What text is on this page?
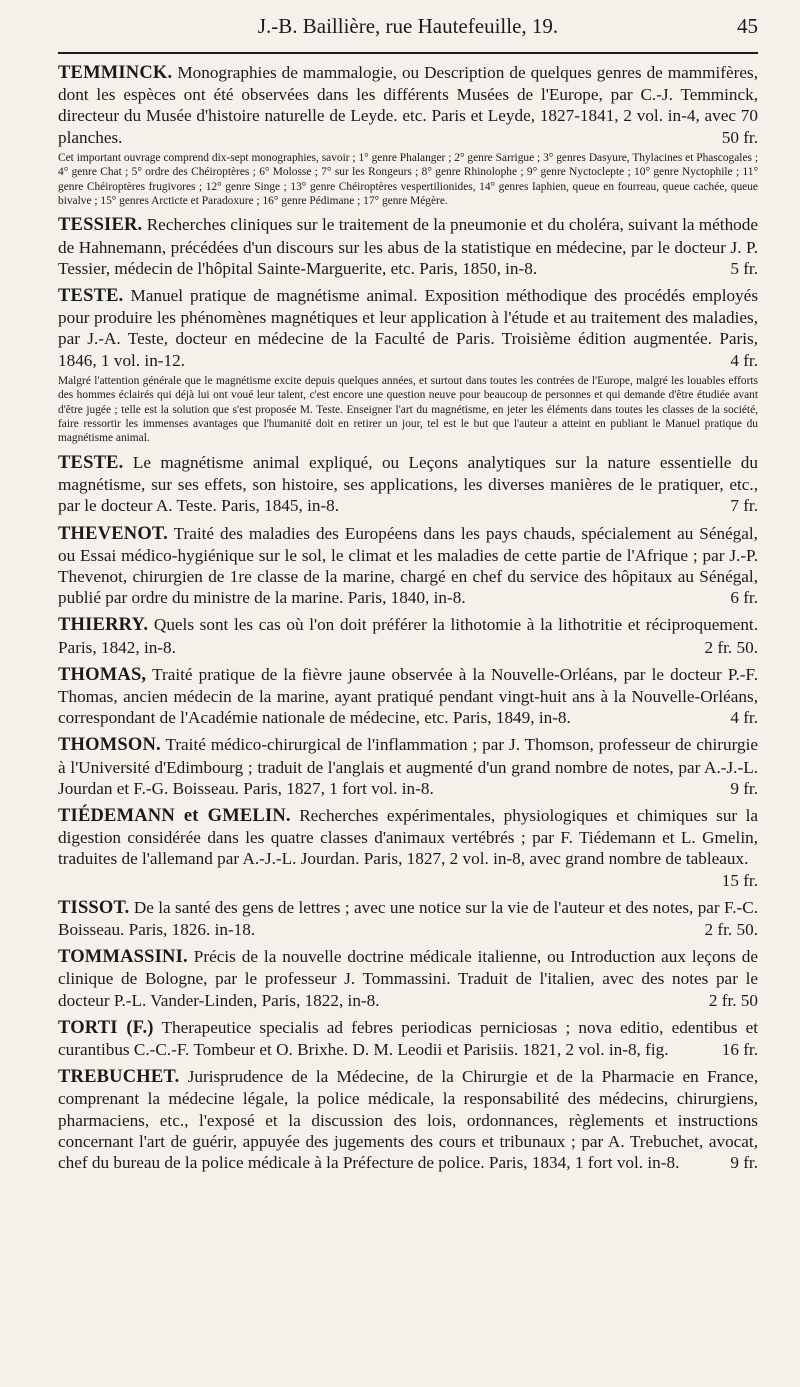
J.-B. Baillière, rue Hautefeuille, 19.	45
TEMMINCK. Monographies de mammalogie, ou Description de quelques genres de mammifères, dont les espèces ont été observées dans les différents Musées de l'Europe, par C.-J. Temminck, directeur du Musée d'histoire naturelle de Leyde. etc. Paris et Leyde, 1827-1841, 2 vol. in-4, avec 70 planches.	50 fr.
Cet important ouvrage comprend dix-sept monographies, savoir ; 1° genre Phalanger ; 2° genre Sarrigue ; 3° genres Dasyure, Thylacines et Phascogales ; 4° genre Chat ; 5° ordre des Chéiroptères ; 6° Molosse ; 7° sur les Rongeurs ; 8° genre Rhinolophe ; 9° genre Nyctoclepte ; 10° genre Nyctophile ; 11° genre Chéiroptères frugivores ; 12° genre Singe ; 13° genre Chéiroptères vespertilionides, 14° genres Iaphien, queue en fourreau, queue cachée, queue bivalve ; 15° genres Arcticte et Paradoxure ; 16° genre Pédimane ; 17° genre Mégère.
TESSIER. Recherches cliniques sur le traitement de la pneumonie et du choléra, suivant la méthode de Hahnemann, précédées d'un discours sur les abus de la statistique en médecine, par le docteur J. P. Tessier, médecin de l'hôpital Sainte-Marguerite, etc. Paris, 1850, in-8.	5 fr.
TESTE. Manuel pratique de magnétisme animal. Exposition méthodique des procédés employés pour produire les phénomènes magnétiques et leur application à l'étude et au traitement des maladies, par J.-A. Teste, docteur en médecine de la Faculté de Paris. Troisième édition augmentée. Paris, 1846, 1 vol. in-12.	4 fr.
Malgré l'attention générale que le magnétisme excite depuis quelques années, et surtout dans toutes les contrées de l'Europe, malgré les louables efforts des hommes éclairés qui déjà lui ont voué leur talent, c'est encore une question neuve pour beaucoup de personnes et qui demande d'être étudiée avant d'être jugée ; telle est la solution que s'est proposée M. Teste. Enseigner l'art du magnétisme, en jeter les éléments dans toutes les classes de la société, faire ressortir les immenses avantages que l'humanité doit en retirer un jour, tel est le but que l'auteur a atteint en publiant le Manuel pratique du magnétisme animal.
TESTE. Le magnétisme animal expliqué, ou Leçons analytiques sur la nature essentielle du magnétisme, sur ses effets, son histoire, ses applications, les diverses manières de le pratiquer, etc., par le docteur A. Teste. Paris, 1845, in-8.	7 fr.
THEVENOT. Traité des maladies des Européens dans les pays chauds, spécialement au Sénégal, ou Essai médico-hygiénique sur le sol, le climat et les maladies de cette partie de l'Afrique ; par J.-P. Thevenot, chirurgien de 1re classe de la marine, chargé en chef du service des hôpitaux au Sénégal, publié par ordre du ministre de la marine. Paris, 1840, in-8.	6 fr.
THIERRY. Quels sont les cas où l'on doit préférer la lithotomie à la lithotritie et réciproquement. Paris, 1842, in-8.	2 fr. 50.
THOMAS, Traité pratique de la fièvre jaune observée à la Nouvelle-Orléans, par le docteur P.-F. Thomas, ancien médecin de la marine, ayant pratiqué pendant vingt-huit ans à la Nouvelle-Orléans, correspondant de l'Académie nationale de médecine, etc. Paris, 1849, in-8.	4 fr.
THOMSON. Traité médico-chirurgical de l'inflammation ; par J. Thomson, professeur de chirurgie à l'Université d'Edimbourg ; traduit de l'anglais et augmenté d'un grand nombre de notes, par A.-J.-L. Jourdan et F.-G. Boisseau. Paris, 1827, 1 fort vol. in-8.	9 fr.
TIÉDEMANN et GMELIN. Recherches expérimentales, physiologiques et chimiques sur la digestion considérée dans les quatre classes d'animaux vertébrés ; par F. Tiédemann et L. Gmelin, traduites de l'allemand par A.-J.-L. Jourdan. Paris, 1827, 2 vol. in-8, avec grand nombre de tableaux.
15 fr.
TISSOT. De la santé des gens de lettres ; avec une notice sur la vie de l'auteur et des notes, par F.-C. Boisseau. Paris, 1826. in-18.	2 fr. 50.
TOMMASSINI. Précis de la nouvelle doctrine médicale italienne, ou Introduction aux leçons de clinique de Bologne, par le professeur J. Tommassini. Traduit de l'italien, avec des notes par le docteur P.-L. Vander-Linden, Paris, 1822, in-8.	2 fr. 50
TORTI (F.) Therapeutice specialis ad febres periodicas perniciosas ; nova editio, edentibus et curantibus C.-C.-F. Tombeur et O. Brixhe. D. M. Leodii et Parisiis. 1821, 2 vol. in-8, fig.	16 fr.
TREBUCHET. Jurisprudence de la Médecine, de la Chirurgie et de la Pharmacie en France, comprenant la médecine légale, la police médicale, la responsabilité des médecins, chirurgiens, pharmaciens, etc., l'exposé et la discussion des lois, ordonnances, règlements et instructions concernant l'art de guérir, appuyée des jugements des cours et tribunaux ; par A. Trebuchet, avocat, chef du bureau de la police médicale à la Préfecture de police. Paris, 1834, 1 fort vol. in-8.	9 fr.
